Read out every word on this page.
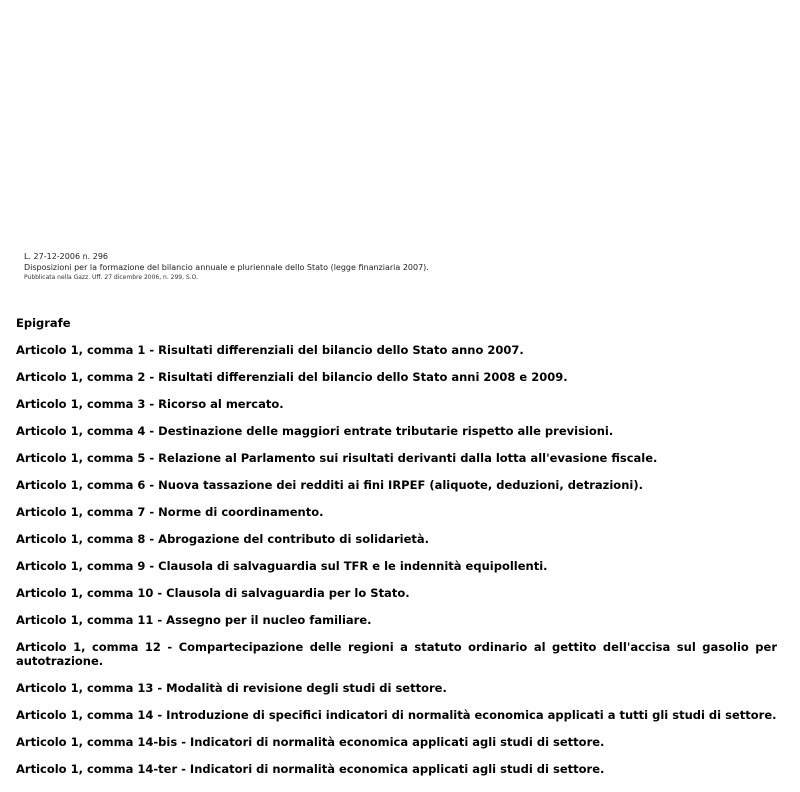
L. 27-12-2006 n. 296
Disposizioni per la formazione del bilancio annuale e pluriennale dello Stato (legge finanziaria 2007).
Pubblicata nella Gazz. Uff. 27 dicembre 2006, n. 299, S.O.
Epigrafe
Articolo 1, comma 1 - Risultati differenziali del bilancio dello Stato anno 2007.
Articolo 1, comma 2 - Risultati differenziali del bilancio dello Stato anni 2008 e 2009.
Articolo 1, comma 3 - Ricorso al mercato.
Articolo 1, comma 4 - Destinazione delle maggiori entrate tributarie rispetto alle previsioni.
Articolo 1, comma 5 - Relazione al Parlamento sui risultati derivanti dalla lotta all'evasione fiscale.
Articolo 1, comma 6 - Nuova tassazione dei redditi ai fini IRPEF (aliquote, deduzioni, detrazioni).
Articolo 1, comma 7 - Norme di coordinamento.
Articolo 1, comma 8 - Abrogazione del contributo di solidarietà.
Articolo 1, comma 9 - Clausola di salvaguardia sul TFR e le indennità equipollenti.
Articolo 1, comma 10 - Clausola di salvaguardia per lo Stato.
Articolo 1, comma 11 - Assegno per il nucleo familiare.
Articolo 1, comma 12 - Compartecipazione delle regioni a statuto ordinario al gettito dell'accisa sul gasolio per autotrazione.
Articolo 1, comma 13 - Modalità di revisione degli studi di settore.
Articolo 1, comma 14 - Introduzione di specifici indicatori di normalità economica applicati a tutti gli studi di settore.
Articolo 1, comma 14-bis - Indicatori di normalità economica applicati agli studi di settore.
Articolo 1, comma 14-ter - Indicatori di normalità economica applicati agli studi di settore.
